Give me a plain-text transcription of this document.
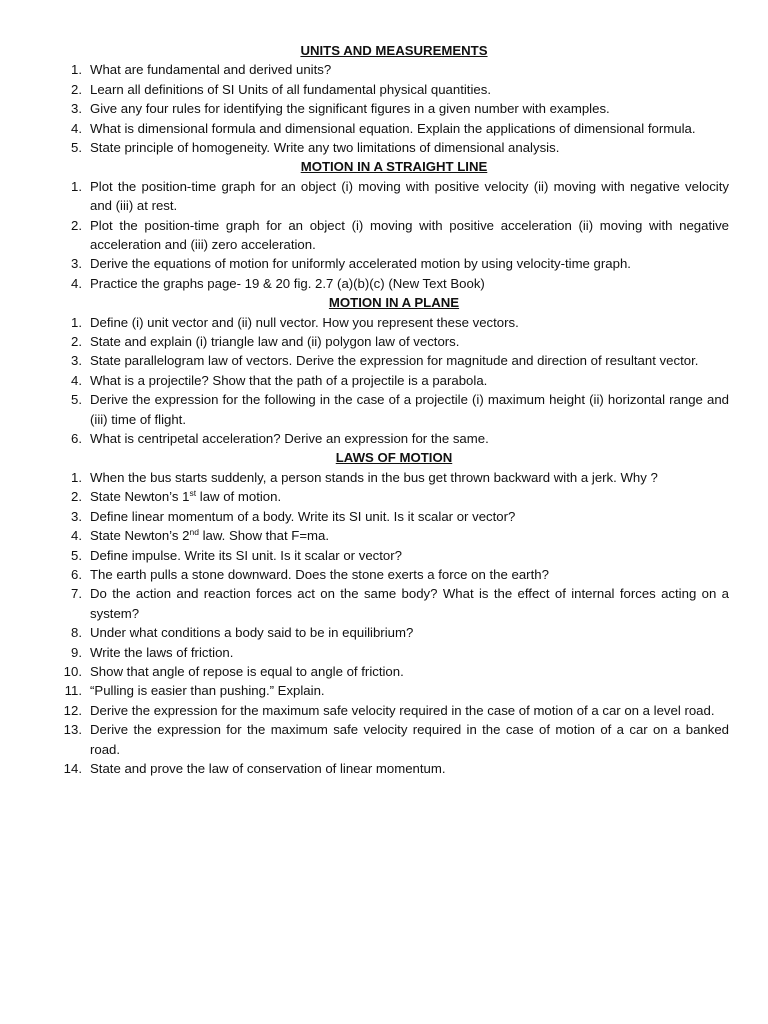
UNITS AND MEASUREMENTS
1. What are fundamental and derived units?
2. Learn all definitions of SI Units of all fundamental physical quantities.
3. Give any four rules for identifying the significant figures in a given number with examples.
4. What is dimensional formula and dimensional equation. Explain the applications of dimensional formula.
5. State principle of homogeneity. Write any two limitations of dimensional analysis.
MOTION IN A STRAIGHT LINE
1. Plot the position-time graph for an object (i) moving with positive velocity (ii) moving with negative velocity and (iii) at rest.
2. Plot the position-time graph for an object (i) moving with positive acceleration (ii) moving with negative acceleration and (iii) zero acceleration.
3. Derive the equations of motion for uniformly accelerated motion by using velocity-time graph.
4. Practice the graphs page- 19 & 20 fig. 2.7 (a)(b)(c) (New Text Book)
MOTION IN A PLANE
1. Define (i) unit vector and (ii) null vector. How you represent these vectors.
2. State and explain (i) triangle law and (ii) polygon law of vectors.
3. State parallelogram law of vectors. Derive the expression for magnitude and direction of resultant vector.
4. What is a projectile? Show that the path of a projectile is a parabola.
5. Derive the expression for the following in the case of a projectile (i) maximum height (ii) horizontal range and (iii) time of flight.
6. What is centripetal acceleration? Derive an expression for the same.
LAWS OF MOTION
1. When the bus starts suddenly, a person stands in the bus get thrown backward with a jerk. Why ?
2. State Newton’s 1st law of motion.
3. Define linear momentum of a body. Write its SI unit. Is it scalar or vector?
4. State Newton’s 2nd law. Show that F=ma.
5. Define impulse. Write its SI unit. Is it scalar or vector?
6. The earth pulls a stone downward. Does the stone exerts a force on the earth?
7. Do the action and reaction forces act on the same body? What is the effect of internal forces acting on a system?
8. Under what conditions a body said to be in equilibrium?
9. Write the laws of friction.
10. Show that angle of repose is equal to angle of friction.
11. “Pulling is easier than pushing.” Explain.
12. Derive the expression for the maximum safe velocity required in the case of motion of a car on a level road.
13. Derive the expression for the maximum safe velocity required in the case of motion of a car on a banked road.
14. State and prove the law of conservation of linear momentum.
